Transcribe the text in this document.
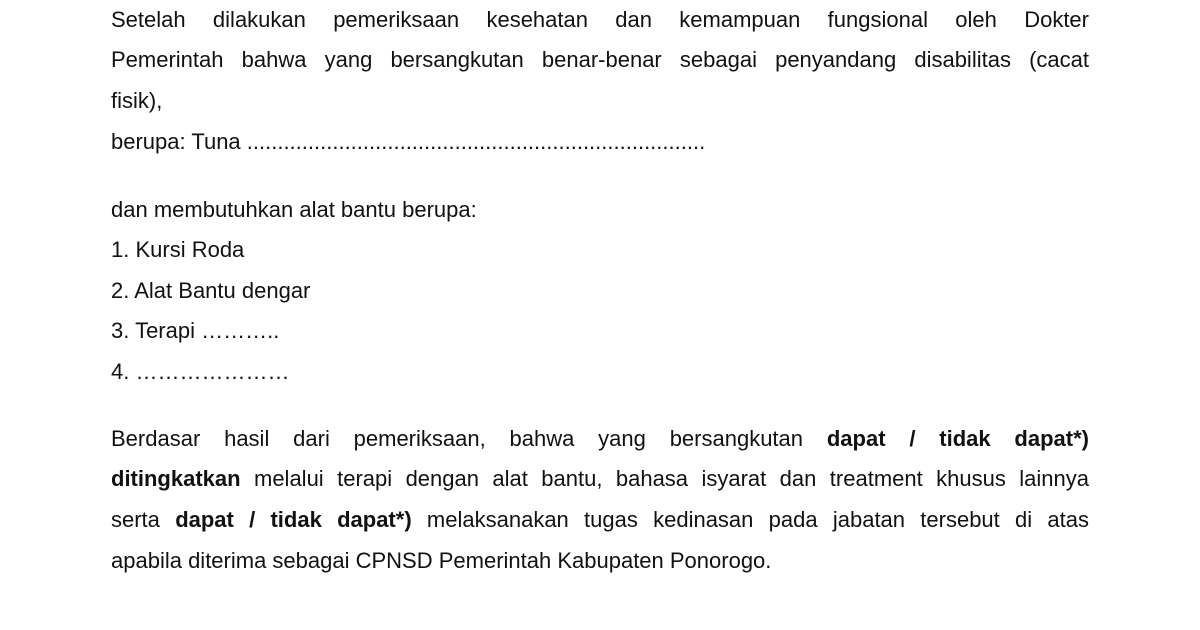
Setelah dilakukan pemeriksaan kesehatan dan kemampuan fungsional oleh Dokter
Pemerintah bahwa yang bersangkutan benar-benar sebagai penyandang disabilitas (cacat
fisik),
berupa: Tuna ...........................................................................
dan membutuhkan alat bantu berupa:
1. Kursi Roda
2. Alat Bantu dengar
3. Terapi ………..
4. …………………
Berdasar hasil dari pemeriksaan, bahwa yang bersangkutan dapat / tidak dapat*)
ditingkatkan melalui terapi dengan alat bantu, bahasa isyarat dan treatment khusus lainnya
serta dapat / tidak dapat*) melaksanakan tugas kedinasan pada jabatan tersebut di atas
apabila diterima sebagai CPNSD Pemerintah Kabupaten Ponorogo.
